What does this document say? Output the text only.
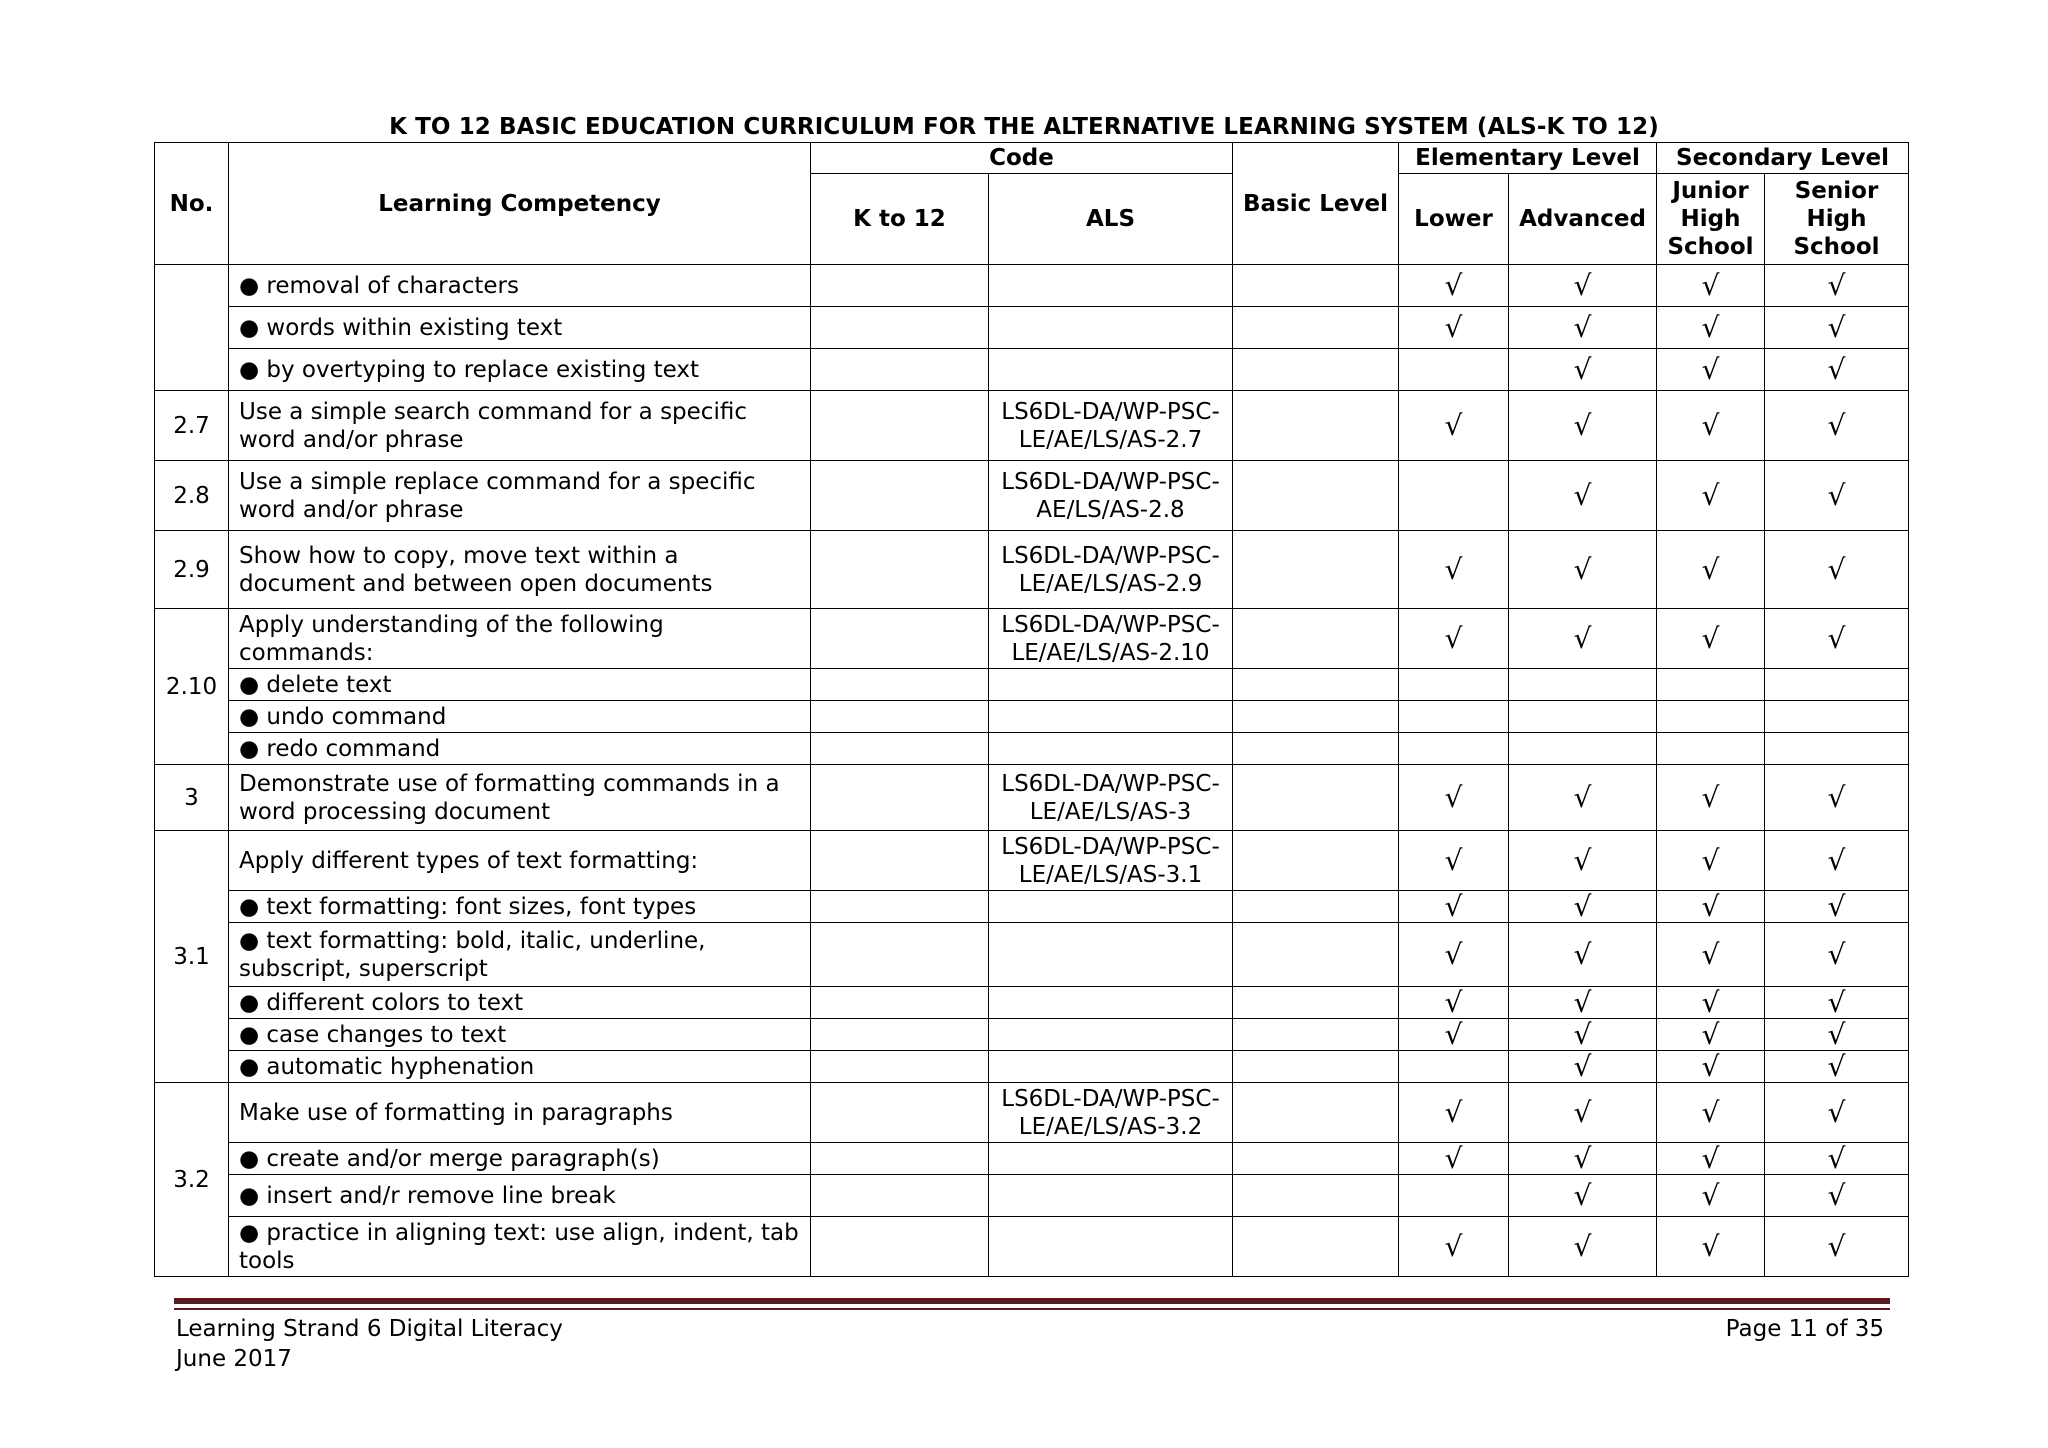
K TO 12 BASIC EDUCATION CURRICULUM FOR THE ALTERNATIVE LEARNING SYSTEM (ALS-K TO 12)
No.	Learning Competency	Code		Basic Level	Elementary Level		Secondary Level	
		K to 12	ALS		Lower	Advanced	Junior High School	Senior High School
	● removal of characters				√	√	√	√
	● words within existing text				√	√	√	√
	● by overtyping to replace existing text					√	√	√
2.7	Use a simple search command for a specific word and/or phrase		LS6DL-DA/WP-PSC-LE/AE/LS/AS-2.7		√	√	√	√
2.8	Use a simple replace command for a specific word and/or phrase		LS6DL-DA/WP-PSC-AE/LS/AS-2.8			√	√	√
2.9	Show how to copy, move text within a document and between open documents		LS6DL-DA/WP-PSC-LE/AE/LS/AS-2.9		√	√	√	√
2.10	Apply understanding of the following commands:		LS6DL-DA/WP-PSC-LE/AE/LS/AS-2.10		√	√	√	√
	● delete text							
	● undo command							
	● redo command							
3	Demonstrate use of formatting commands in a word processing document		LS6DL-DA/WP-PSC-LE/AE/LS/AS-3		√	√	√	√
3.1	Apply different types of text formatting:		LS6DL-DA/WP-PSC-LE/AE/LS/AS-3.1		√	√	√	√
	● text formatting: font sizes, font types				√	√	√	√
	● text formatting: bold, italic, underline, subscript, superscript				√	√	√	√
	● different colors to text				√	√	√	√
	● case changes to text				√	√	√	√
	● automatic hyphenation					√	√	√
3.2	Make use of formatting in paragraphs		LS6DL-DA/WP-PSC-LE/AE/LS/AS-3.2		√	√	√	√
	● create and/or merge paragraph(s)				√	√	√	√
	● insert and/r remove line break					√	√	√
	● practice in aligning text: use align, indent, tab tools				√	√	√	√
Learning Strand 6 Digital Literacy
June 2017
Page 11 of 35
